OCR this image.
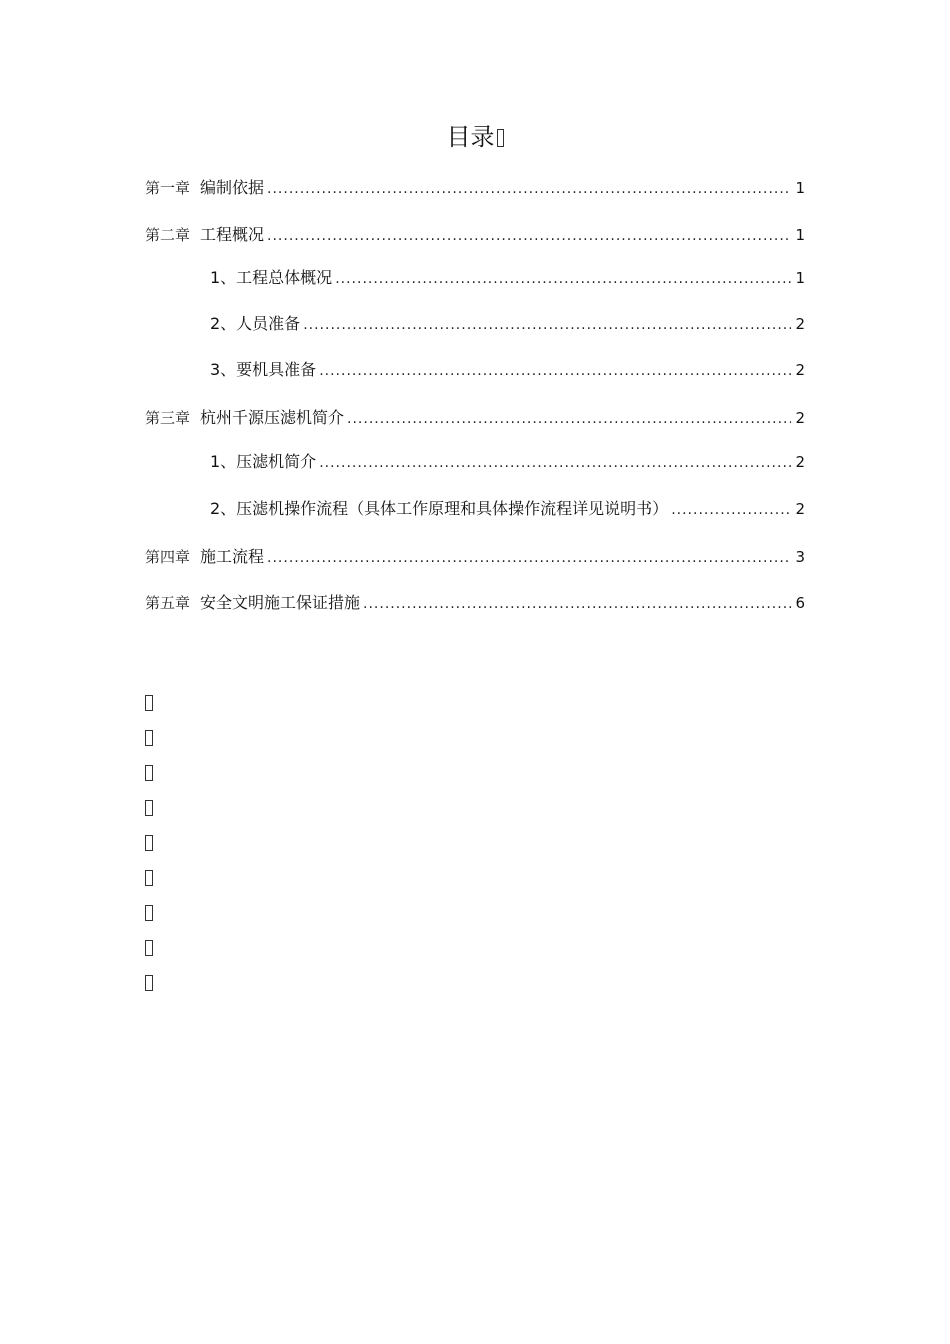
目录
第一章 编制依据 .....	1
第二章 工程概况 .....	1
1、工程总体概况 .....	1
2、人员准备 .....	2
3、要机具准备 .....	2
第三章 杭州千源压滤机简介 .....	2
1、压滤机简介 .....	2
2、压滤机操作流程（具体工作原理和具体操作流程详见说明书） .....	2
第四章 施工流程 .....	3
第五章 安全文明施工保证措施 .....	6
